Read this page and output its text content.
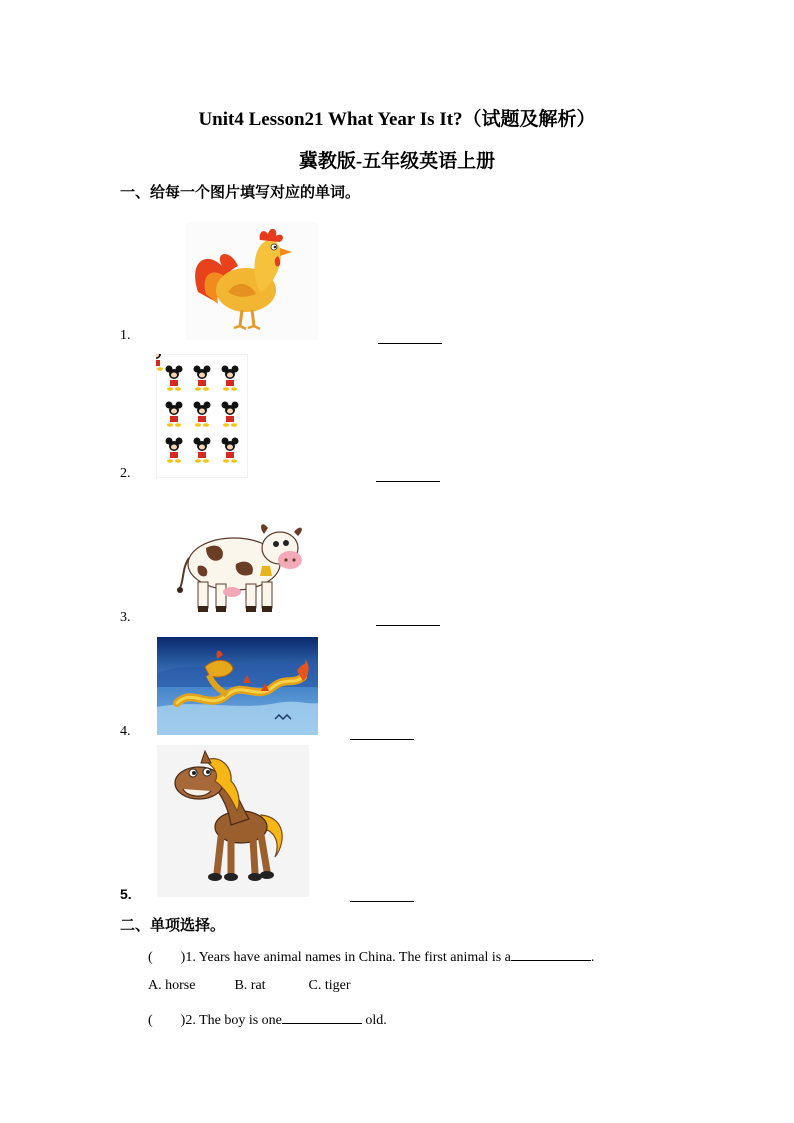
Unit4 Lesson21 What Year Is It?（试题及解析）
冀教版-五年级英语上册
一、给每一个图片填写对应的单词。
1.
2.
3.
4.
5.
二、单项选择。
(　　)1. Years have animal names in China. The first animal is a	.
A. horse	B. rat	C. tiger
(　　)2. The boy is one	old.
